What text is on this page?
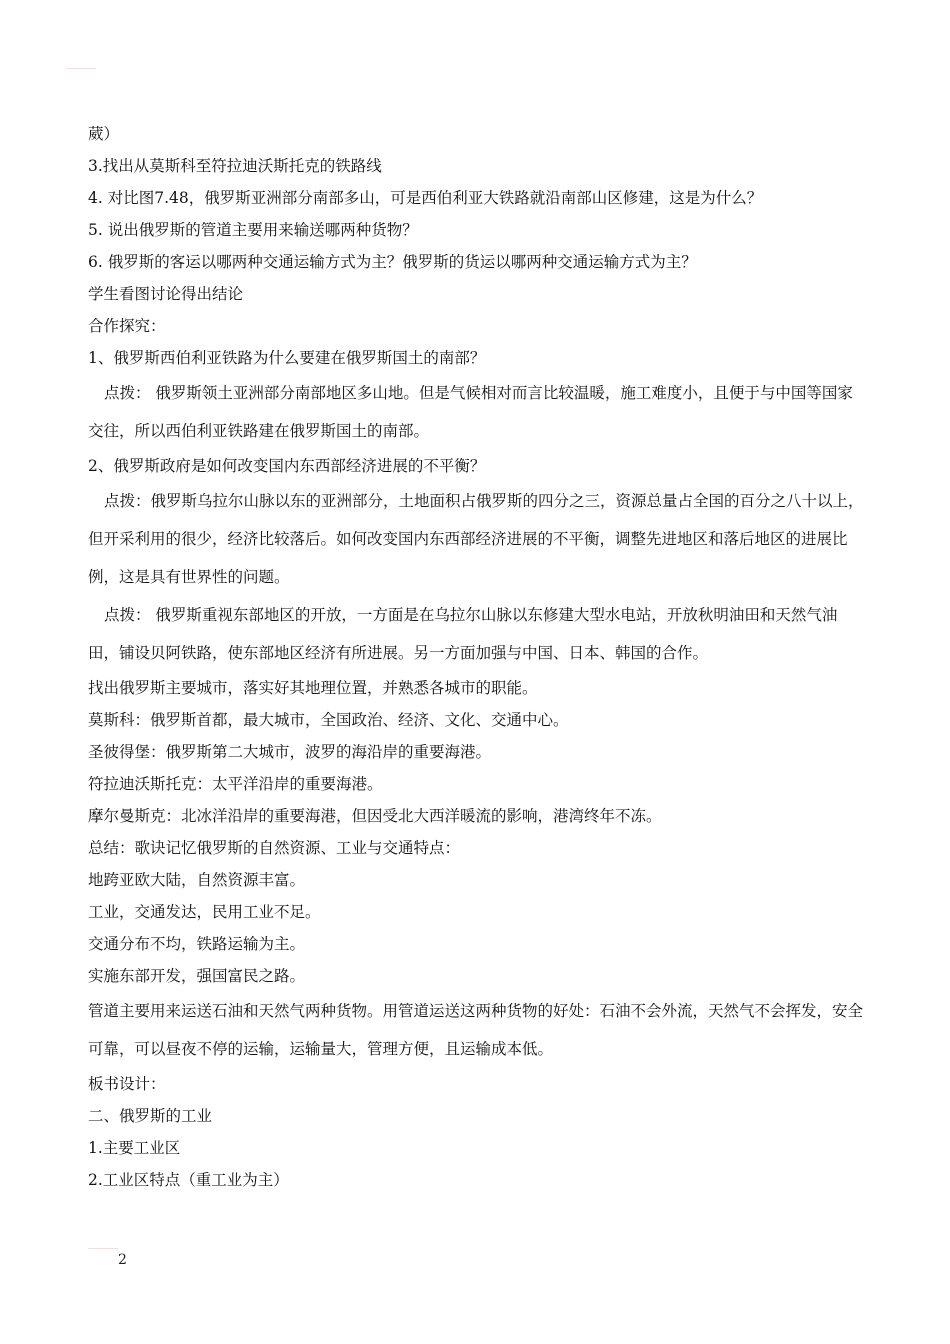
葳）

3.找出从莫斯科至符拉迪沃斯托克的铁路线

4. 对比图7.48，俄罗斯亚洲部分南部多山，可是西伯利亚大铁路就沿南部山区修建，这是为什么？

5. 说出俄罗斯的管道主要用来输送哪两种货物？

6. 俄罗斯的客运以哪两种交通运输方式为主？俄罗斯的货运以哪两种交通运输方式为主？

学生看图讨论得出结论

合作探究：

1、俄罗斯西伯利亚铁路为什么要建在俄罗斯国土的南部？

点拨： 俄罗斯领土亚洲部分南部地区多山地。但是气候相对而言比较温暖，施工难度小，且便于与中国等国家交往，所以西伯利亚铁路建在俄罗斯国土的南部。

2、俄罗斯政府是如何改变国内东西部经济进展的不平衡？

点拨：俄罗斯乌拉尔山脉以东的亚洲部分，土地面积占俄罗斯的四分之三，资源总量占全国的百分之八十以上，但开采利用的很少，经济比较落后。如何改变国内东西部经济进展的不平衡，调整先进地区和落后地区的进展比例，这是具有世界性的问题。

点拨： 俄罗斯重视东部地区的开放，一方面是在乌拉尔山脉以东修建大型水电站，开放秋明油田和天然气油田，铺设贝阿铁路，使东部地区经济有所进展。另一方面加强与中国、日本、韩国的合作。

找出俄罗斯主要城市，落实好其地理位置，并熟悉各城市的职能。

莫斯科：俄罗斯首都，最大城市，全国政治、经济、文化、交通中心。

圣彼得堡：俄罗斯第二大城市，波罗的海沿岸的重要海港。

符拉迪沃斯托克：太平洋沿岸的重要海港。

摩尔曼斯克：北冰洋沿岸的重要海港，但因受北大西洋暖流的影响，港湾终年不冻。

总结：歌诀记忆俄罗斯的自然资源、工业与交通特点：

地跨亚欧大陆，自然资源丰富。

工业，交通发达，民用工业不足。

交通分布不均，铁路运输为主。

实施东部开发，强国富民之路。

管道主要用来运送石油和天然气两种货物。用管道运送这两种货物的好处：石油不会外流，天然气不会挥发，安全可靠，可以昼夜不停的运输，运输量大，管理方便，且运输成本低。

板书设计：

二、俄罗斯的工业

1.主要工业区

2.工业区特点（重工业为主）

2
